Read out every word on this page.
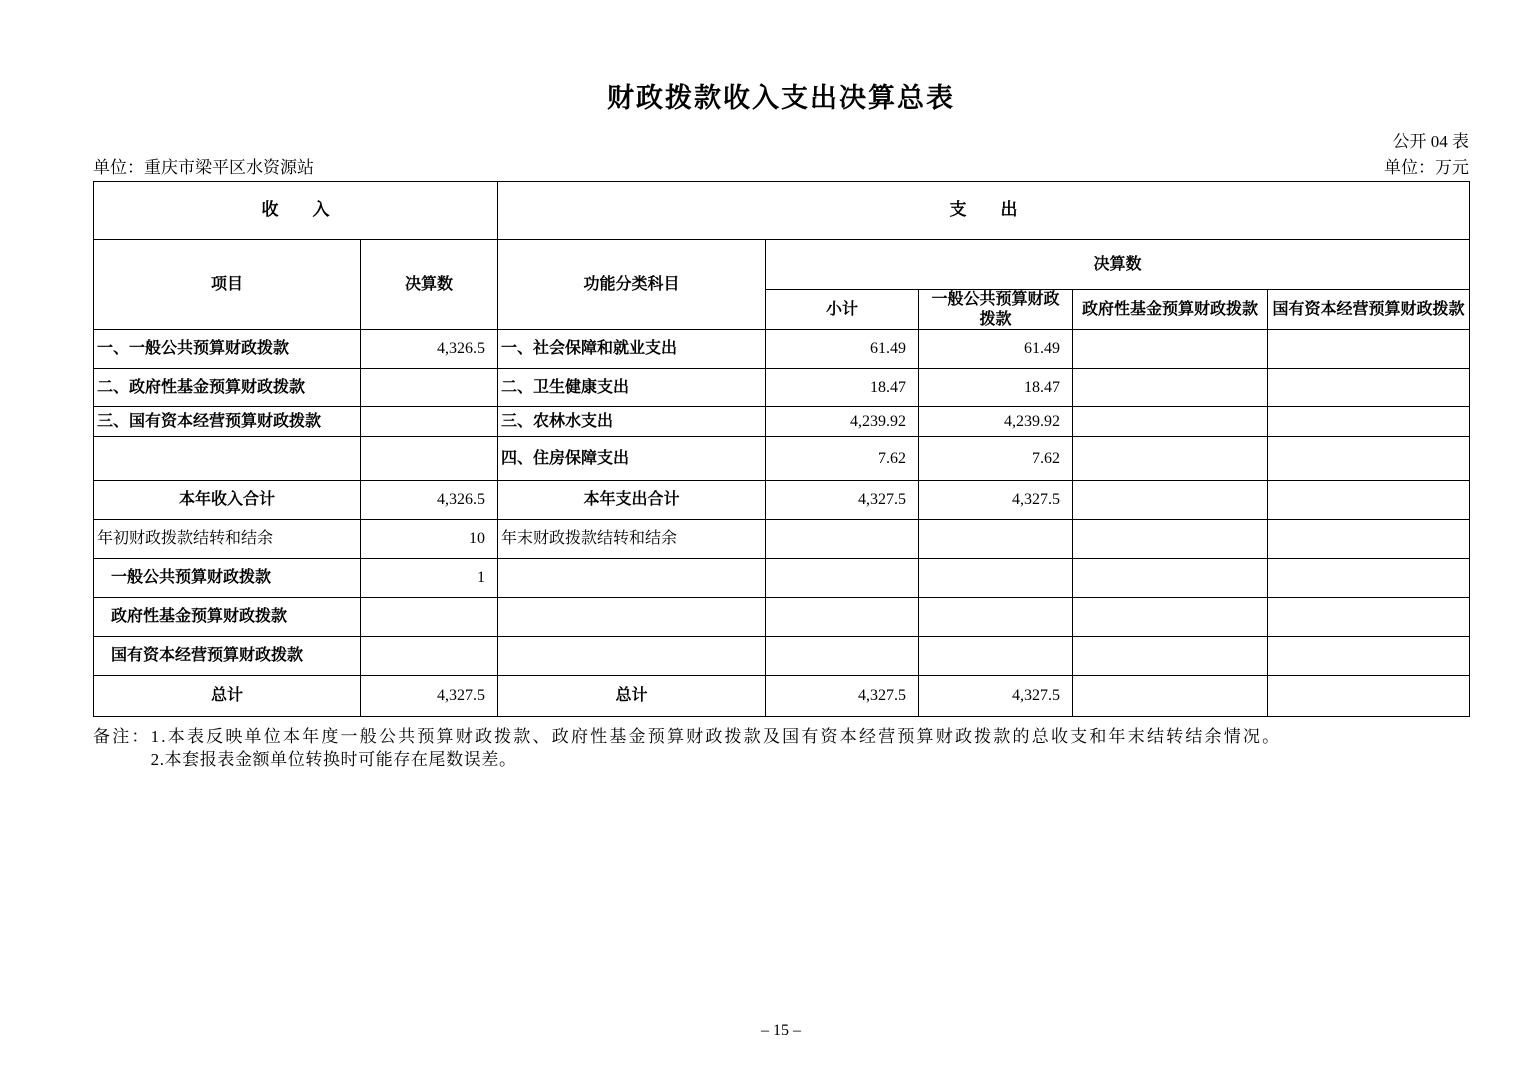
财政拨款收入支出决算总表
公开 04 表
单位：重庆市梁平区水资源站	单位：万元
收　　入		支　　出				
项目	决算数	功能分类科目	决算数			
			小计	一般公共预算财政拨款	政府性基金预算财政拨款	国有资本经营预算财政拨款
一、一般公共预算财政拨款	4,326.5	一、社会保障和就业支出	61.49	61.49		
二、政府性基金预算财政拨款		二、卫生健康支出	18.47	18.47		
三、国有资本经营预算财政拨款		三、农林水支出	4,239.92	4,239.92		
		四、住房保障支出	7.62	7.62		
本年收入合计	4,326.5	本年支出合计	4,327.5	4,327.5		
年初财政拨款结转和结余	10	年末财政拨款结转和结余				
一般公共预算财政拨款	1					
政府性基金预算财政拨款						
国有资本经营预算财政拨款						
总计	4,327.5	总计	4,327.5	4,327.5		
备注： 1.本表反映单位本年度一般公共预算财政拨款、政府性基金预算财政拨款及国有资本经营预算财政拨款的总收支和年末结转结余情况。
2.本套报表金额单位转换时可能存在尾数误差。
– 15 –
